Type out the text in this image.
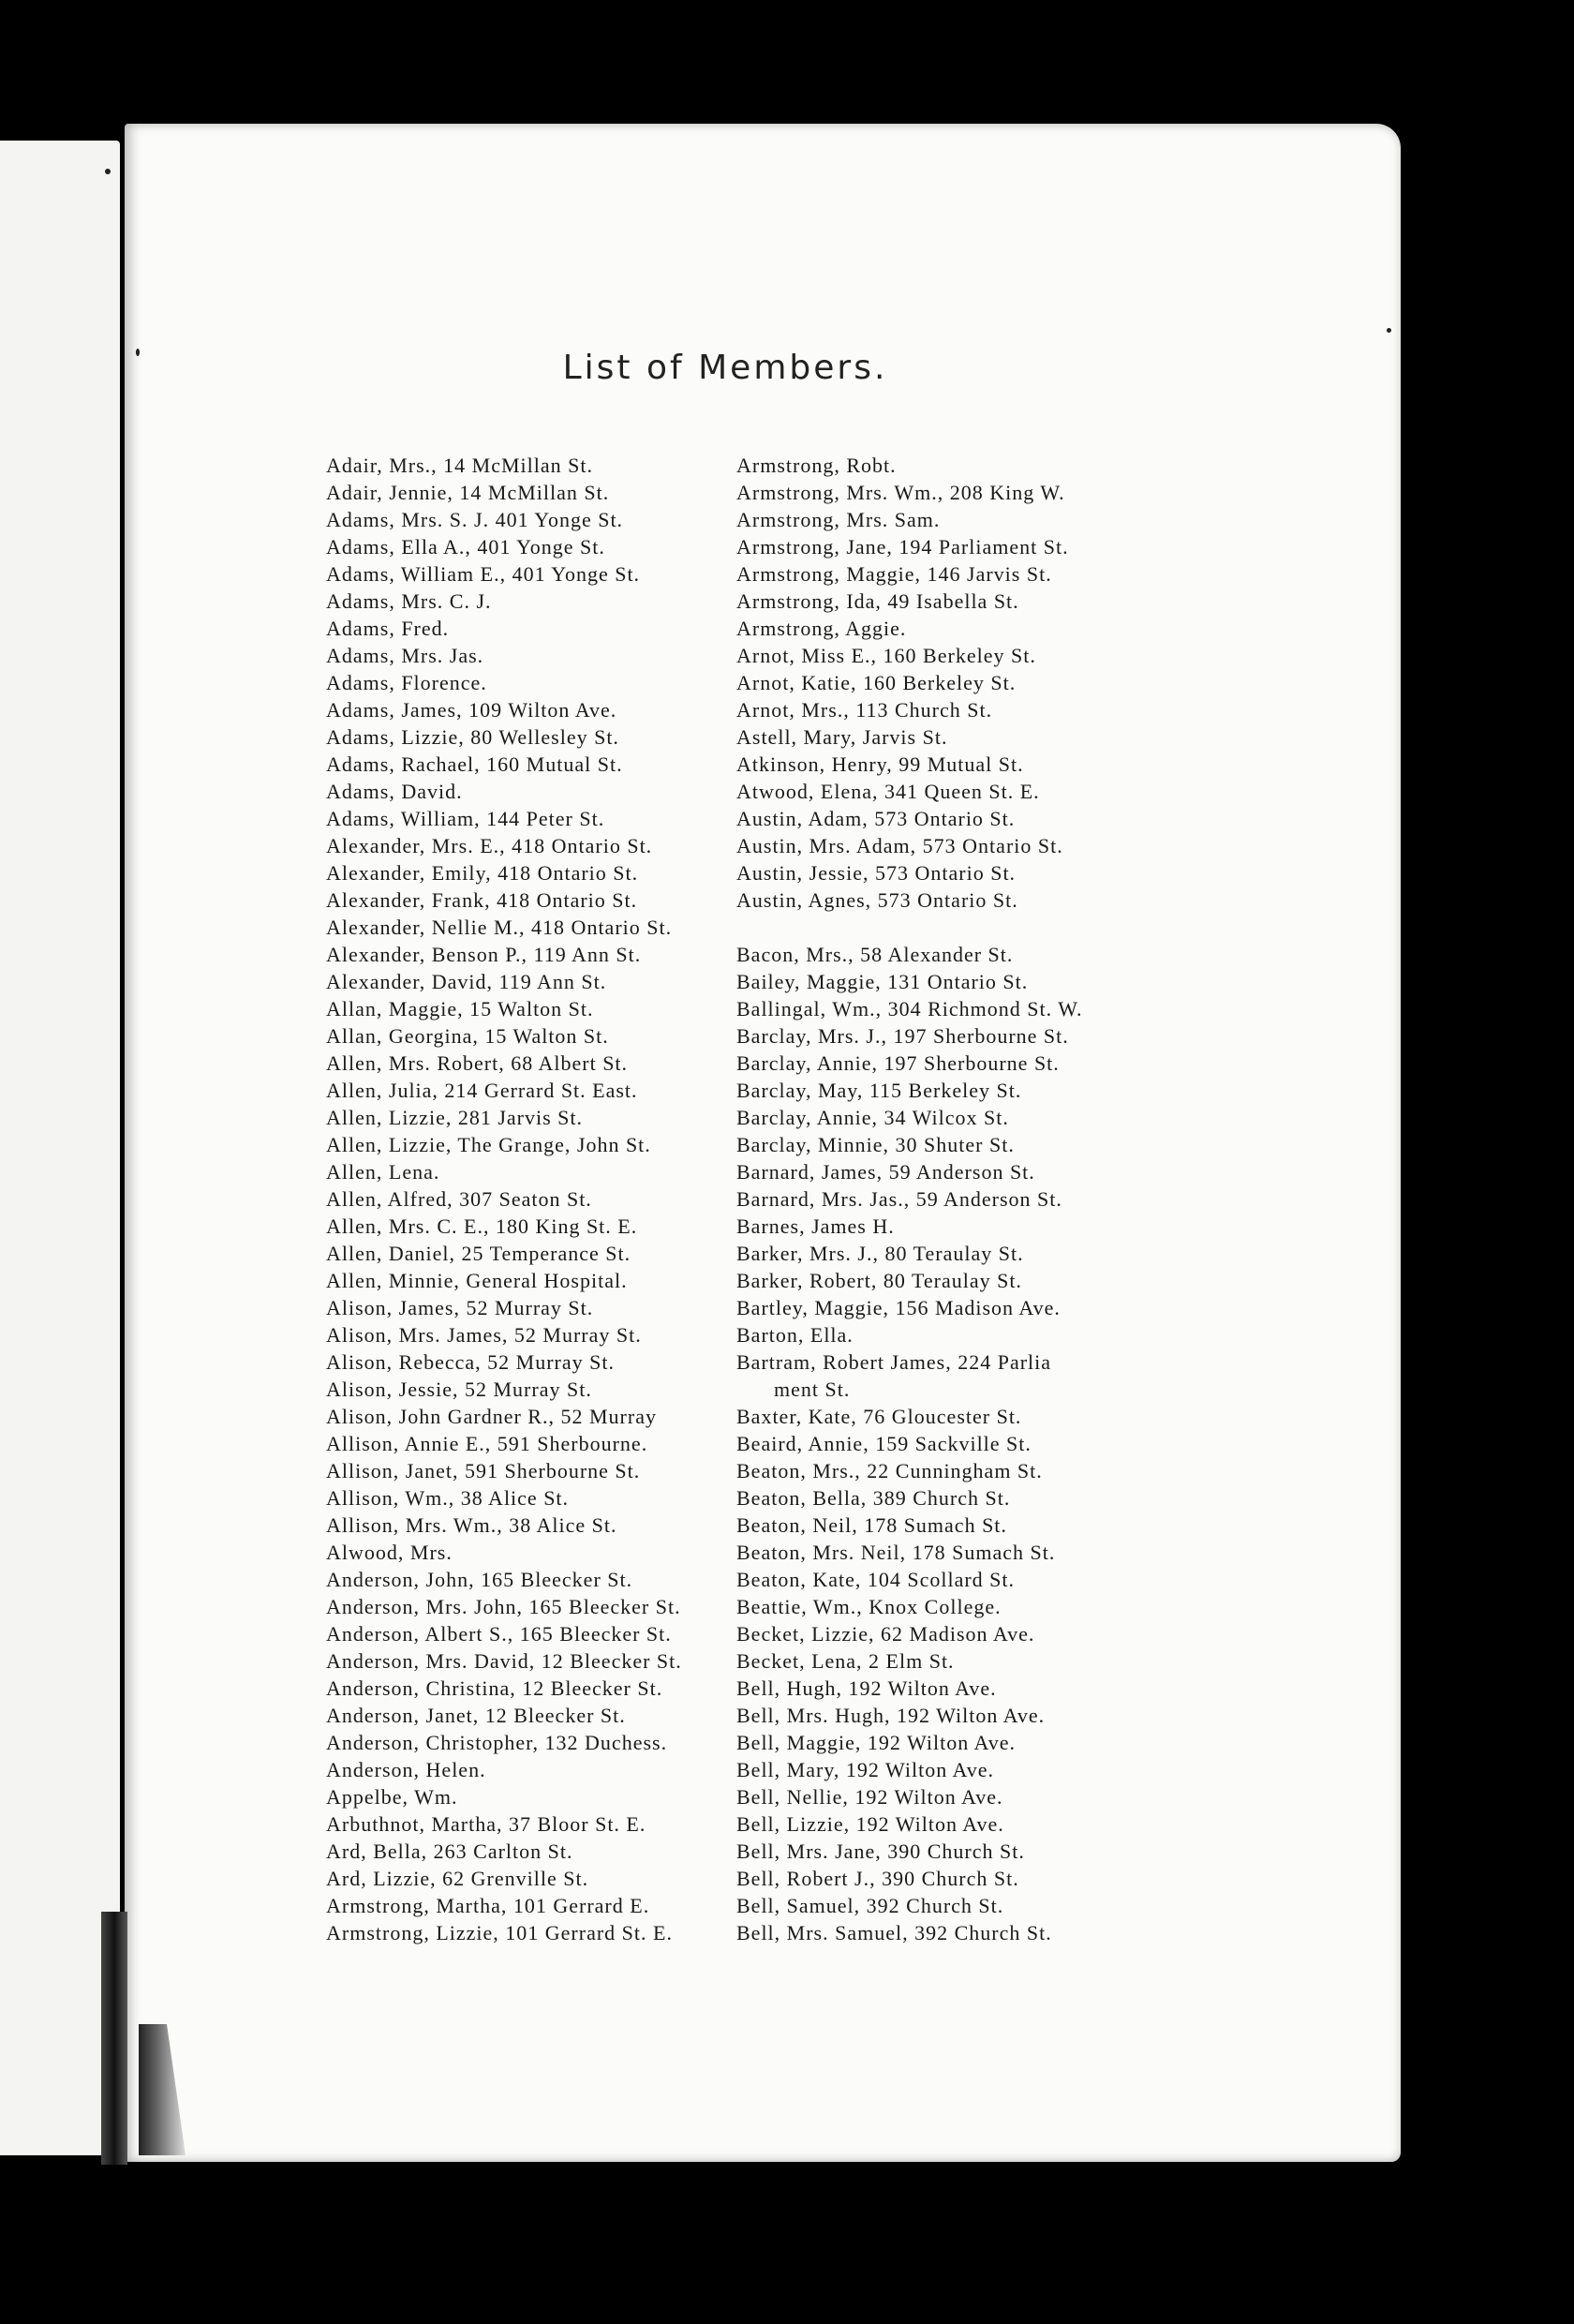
List of Members.
Adair, Mrs., 14 McMillan St.
Adair, Jennie, 14 McMillan St.
Adams, Mrs. S. J. 401 Yonge St.
Adams, Ella A., 401 Yonge St.
Adams, William E., 401 Yonge St.
Adams, Mrs. C. J.
Adams, Fred.
Adams, Mrs. Jas.
Adams, Florence.
Adams, James, 109 Wilton Ave.
Adams, Lizzie, 80 Wellesley St.
Adams, Rachael, 160 Mutual St.
Adams, David.
Adams, William, 144 Peter St.
Alexander, Mrs. E., 418 Ontario St.
Alexander, Emily, 418 Ontario St.
Alexander, Frank, 418 Ontario St.
Alexander, Nellie M., 418 Ontario St.
Alexander, Benson P., 119 Ann St.
Alexander, David, 119 Ann St.
Allan, Maggie, 15 Walton St.
Allan, Georgina, 15 Walton St.
Allen, Mrs. Robert, 68 Albert St.
Allen, Julia, 214 Gerrard St. East.
Allen, Lizzie, 281 Jarvis St.
Allen, Lizzie, The Grange, John St.
Allen, Lena.
Allen, Alfred, 307 Seaton St.
Allen, Mrs. C. E., 180 King St. E.
Allen, Daniel, 25 Temperance St.
Allen, Minnie, General Hospital.
Alison, James, 52 Murray St.
Alison, Mrs. James, 52 Murray St.
Alison, Rebecca, 52 Murray St.
Alison, Jessie, 52 Murray St.
Alison, John Gardner R., 52 Murray
Allison, Annie E., 591 Sherbourne.
Allison, Janet, 591 Sherbourne St.
Allison, Wm., 38 Alice St.
Allison, Mrs. Wm., 38 Alice St.
Alwood, Mrs.
Anderson, John, 165 Bleecker St.
Anderson, Mrs. John, 165 Bleecker St.
Anderson, Albert S., 165 Bleecker St.
Anderson, Mrs. David, 12 Bleecker St.
Anderson, Christina, 12 Bleecker St.
Anderson, Janet, 12 Bleecker St.
Anderson, Christopher, 132 Duchess.
Anderson, Helen.
Appelbe, Wm.
Arbuthnot, Martha, 37 Bloor St. E.
Ard, Bella, 263 Carlton St.
Ard, Lizzie, 62 Grenville St.
Armstrong, Martha, 101 Gerrard E.
Armstrong, Lizzie, 101 Gerrard St. E.
Armstrong, Robt.
Armstrong, Mrs. Wm., 208 King W.
Armstrong, Mrs. Sam.
Armstrong, Jane, 194 Parliament St.
Armstrong, Maggie, 146 Jarvis St.
Armstrong, Ida, 49 Isabella St.
Armstrong, Aggie.
Arnot, Miss E., 160 Berkeley St.
Arnot, Katie, 160 Berkeley St.
Arnot, Mrs., 113 Church St.
Astell, Mary, Jarvis St.
Atkinson, Henry, 99 Mutual St.
Atwood, Elena, 341 Queen St. E.
Austin, Adam, 573 Ontario St.
Austin, Mrs. Adam, 573 Ontario St.
Austin, Jessie, 573 Ontario St.
Austin, Agnes, 573 Ontario St.
Bacon, Mrs., 58 Alexander St.
Bailey, Maggie, 131 Ontario St.
Ballingal, Wm., 304 Richmond St. W.
Barclay, Mrs. J., 197 Sherbourne St.
Barclay, Annie, 197 Sherbourne St.
Barclay, May, 115 Berkeley St.
Barclay, Annie, 34 Wilcox St.
Barclay, Minnie, 30 Shuter St.
Barnard, James, 59 Anderson St.
Barnard, Mrs. Jas., 59 Anderson St.
Barnes, James H.
Barker, Mrs. J., 80 Teraulay St.
Barker, Robert, 80 Teraulay St.
Bartley, Maggie, 156 Madison Ave.
Barton, Ella.
Bartram, Robert James, 224 Parlia
ment St.
Baxter, Kate, 76 Gloucester St.
Beaird, Annie, 159 Sackville St.
Beaton, Mrs., 22 Cunningham St.
Beaton, Bella, 389 Church St.
Beaton, Neil, 178 Sumach St.
Beaton, Mrs. Neil, 178 Sumach St.
Beaton, Kate, 104 Scollard St.
Beattie, Wm., Knox College.
Becket, Lizzie, 62 Madison Ave.
Becket, Lena, 2 Elm St.
Bell, Hugh, 192 Wilton Ave.
Bell, Mrs. Hugh, 192 Wilton Ave.
Bell, Maggie, 192 Wilton Ave.
Bell, Mary, 192 Wilton Ave.
Bell, Nellie, 192 Wilton Ave.
Bell, Lizzie, 192 Wilton Ave.
Bell, Mrs. Jane, 390 Church St.
Bell, Robert J., 390 Church St.
Bell, Samuel, 392 Church St.
Bell, Mrs. Samuel, 392 Church St.
